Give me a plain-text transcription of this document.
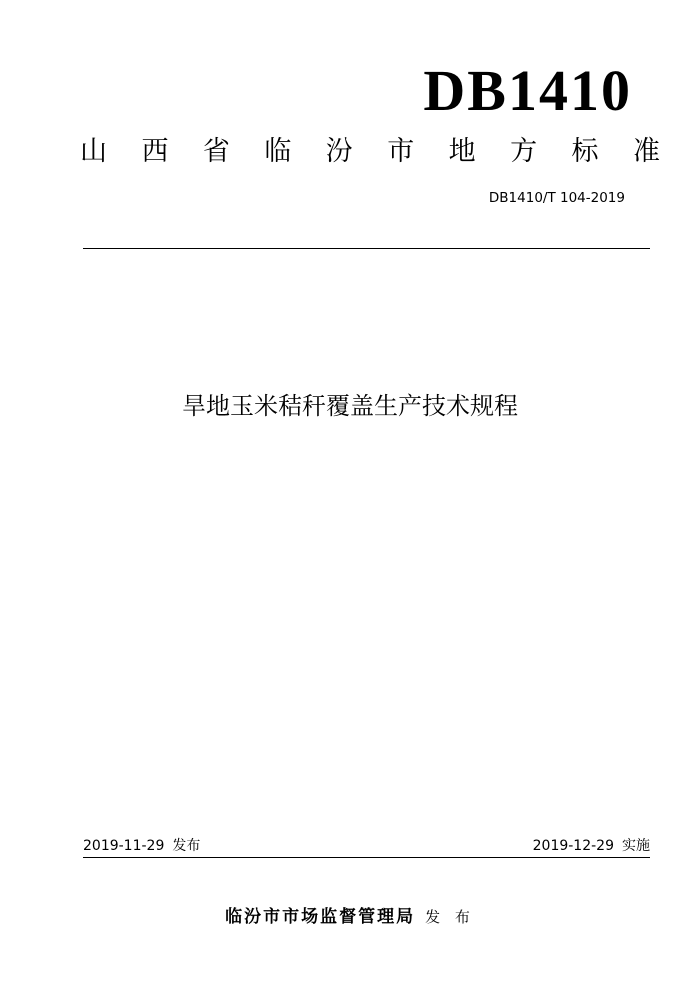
DB1410
山 西 省 临 汾 市 地 方 标 准
DB1410/T 104-2019
旱地玉米秸秆覆盖生产技术规程
2019-11-29 发布	2019-12-29 实施
临汾市市场监督管理局 发 布
